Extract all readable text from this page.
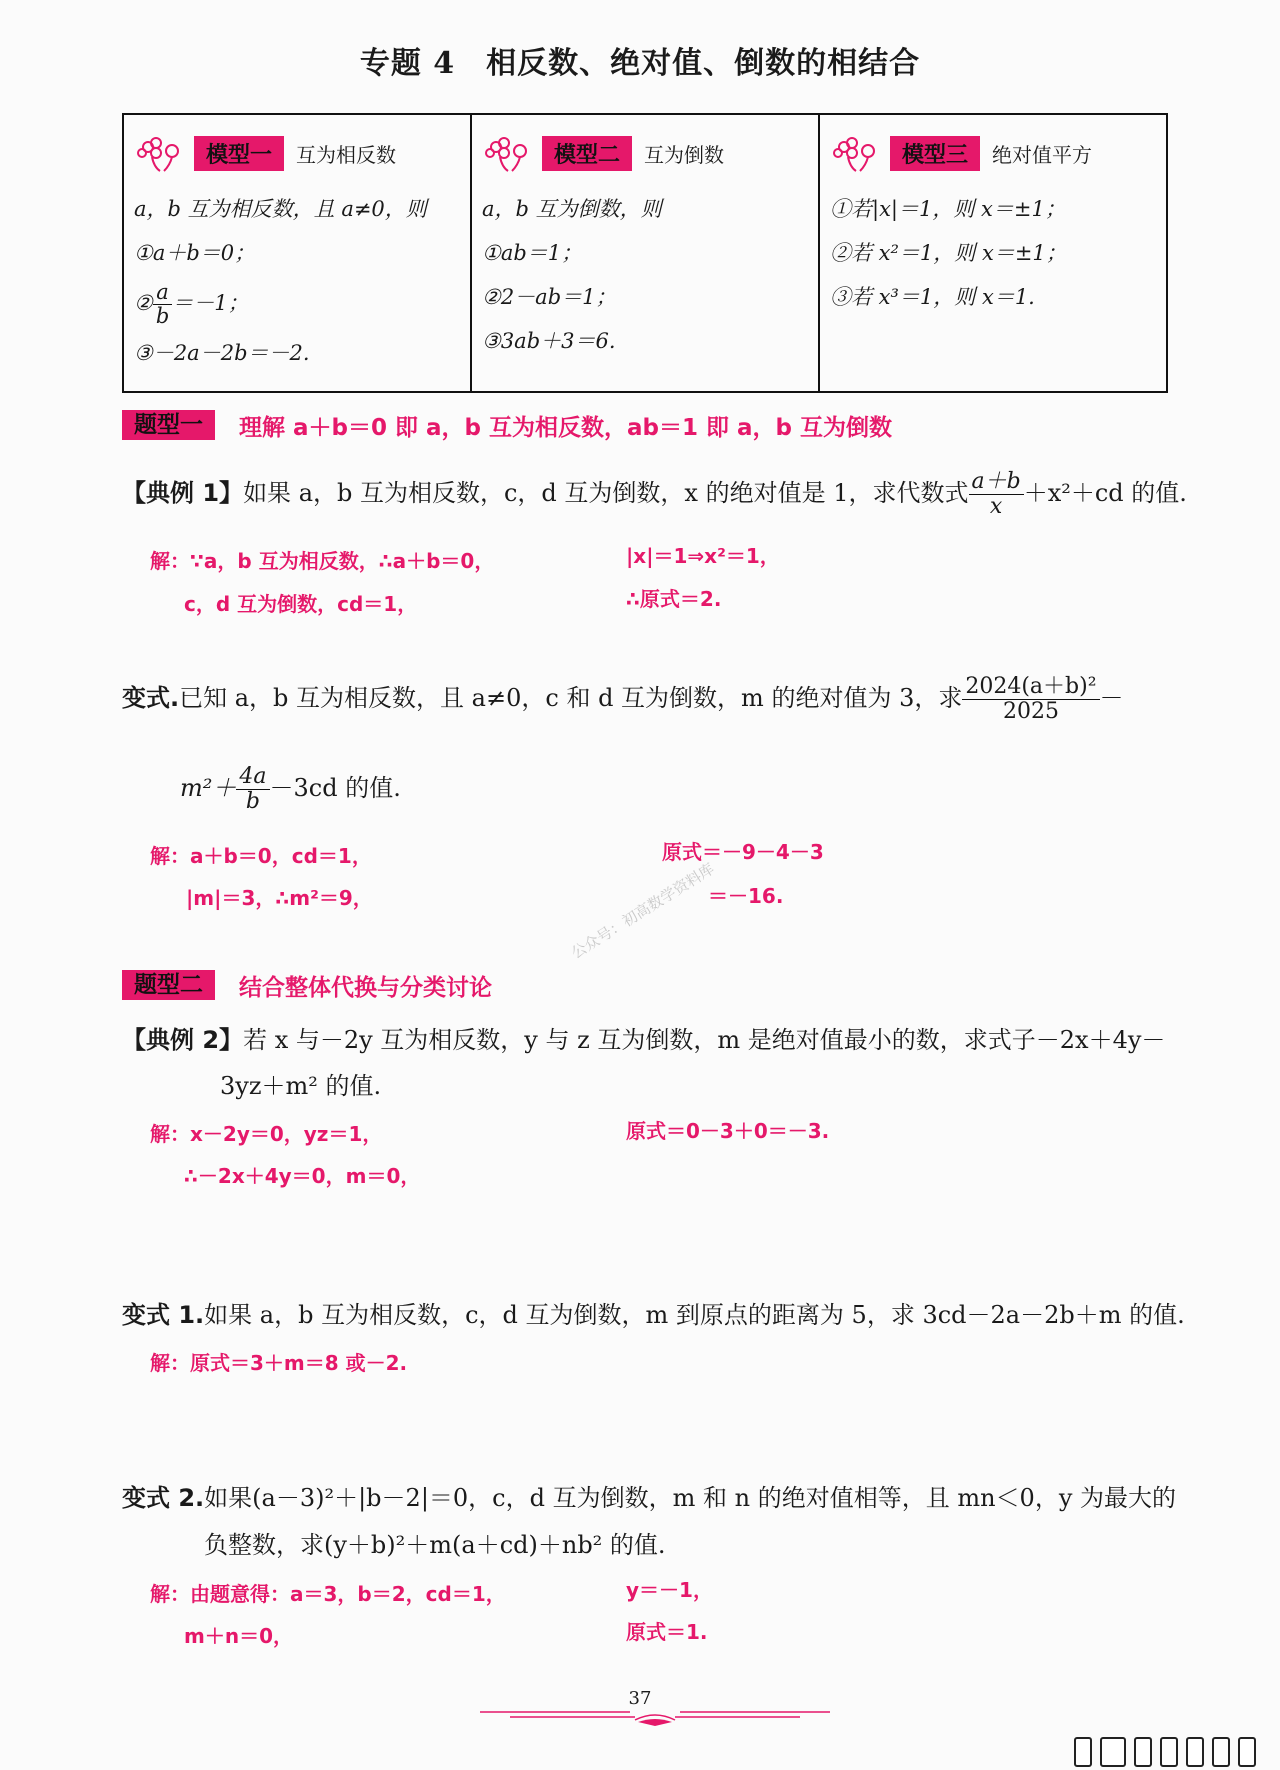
专题 4　相反数、绝对值、倒数的相结合
模型一	互为相反数
a，b 互为相反数，且 a≠0，则
①a＋b＝0；
② $\frac{a}{b} =-1$；
③－2a－2b＝－2.
模型二	互为倒数
a，b 互为倒数，则
①ab＝1；
②2－ab＝1；
③3ab＋3＝6.
模型三	绝对值平方
①若|x|＝1，则 x＝±1；
②若 x²＝1，则 x＝±1；
③若 x³＝1，则 x＝1.
题型一	理解 a＋b＝0 即 a，b 互为相反数，ab＝1 即 a，b 互为倒数
【典例 1】如果 a，b 互为相反数，c，d 互为倒数，x 的绝对值是 1，求代数式 $\frac{a+b}{x} +x^2+cd$ 的值.
解：∵a，b 互为相反数，∴a＋b＝0，
c，d 互为倒数，cd＝1，
|x|＝1⇒x²＝1，
∴原式＝2.
变式.已知 a，b 互为相反数，且 a≠0，c 和 d 互为倒数，m 的绝对值为 3，求 $\frac{\text{2024(a＋b)²}}{2025}$ －
$m^2+ \frac{4a}{b} -3cd$ 的值.
解：a＋b＝0，cd＝1，
|m|＝3，∴m²＝9，
原式＝－9－4－3
＝－16.
公众号：初高数学资料库
题型二	结合整体代换与分类讨论
【典例 2】若 x 与－2y 互为相反数，y 与 z 互为倒数，m 是绝对值最小的数，求式子－2x＋4y－
3yz＋m² 的值.
解：x－2y＝0，yz＝1，
∴－2x＋4y＝0，m＝0，
原式＝0－3＋0＝－3.
变式 1.如果 a，b 互为相反数，c，d 互为倒数，m 到原点的距离为 5，求 3cd－2a－2b＋m 的值.
解：原式＝3＋m＝8 或－2.
变式 2.如果(a－3)²＋|b－2|＝0，c，d 互为倒数，m 和 n 的绝对值相等，且 mn＜0，y 为最大的
负整数，求(y＋b)²＋m(a＋cd)＋nb² 的值.
解：由题意得：a＝3，b＝2，cd＝1，
m＋n＝0，
y＝－1，
原式＝1.
37
